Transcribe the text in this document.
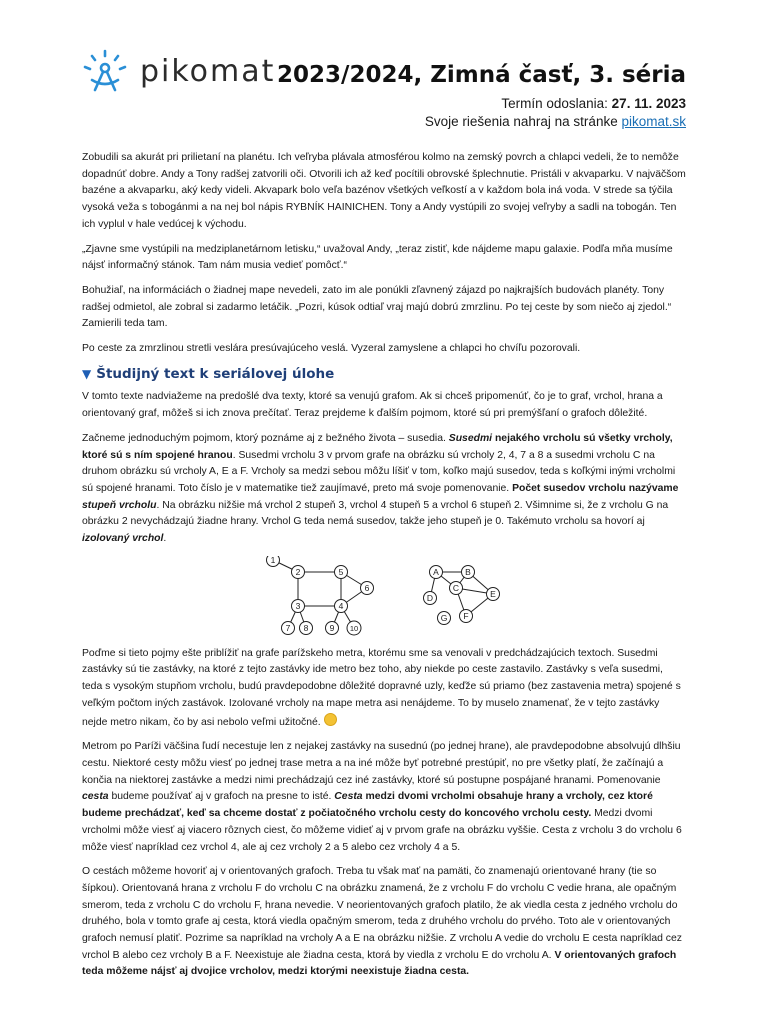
pikomat 2023/2024, Zimná časť, 3. séria
Termín odoslania: 27. 11. 2023
Svoje riešenia nahraj na stránke pikomat.sk

Zobudili sa akurát pri prilietaní na planétu. Ich veľryba plávala atmosférou kolmo na zemský povrch a chlapci vedeli, že to nemôže dopadnúť dobre. Andy a Tony radšej zatvorili oči. Otvorili ich až keď pocítili obrovské šplechnutie. Pristáli v akvaparku. V najväčšom bazéne a akvaparku, aký kedy videli. Akvapark bolo veľa bazénov všetkých veľkostí a v každom bola iná voda. V strede sa týčila vysoká veža s tobogánmi a na nej bol nápis RYBNÍK HAINICHEN. Tony a Andy vystúpili zo svojej veľryby a sadli na tobogán. Ten ich vyplul v hale vedúcej k východu.

„Zjavne sme vystúpili na medziplanetárnom letisku,“ uvažoval Andy, „teraz zistiť, kde nájdeme mapu galaxie. Podľa mňa musíme nájsť informačný stánok. Tam nám musia vedieť pomôcť.“

Bohužiaľ, na informáciách o žiadnej mape nevedeli, zato im ale ponúkli zľavnený zájazd po najkrajších budovách planéty. Tony radšej odmietol, ale zobral si zadarmo letáčik. „Pozri, kúsok odtiaľ vraj majú dobrú zmrzlinu. Po tej ceste by som niečo aj zjedol.“ Zamierili teda tam.

Po ceste za zmrzlinou stretli veslára presúvajúceho veslá. Vyzeral zamyslene a chlapci ho chvíľu pozorovali.

▼ Študijný text k seriálovej úlohe

V tomto texte nadviažeme na predošlé dva texty, ktoré sa venujú grafom. Ak si chceš pripomenúť, čo je to graf, vrchol, hrana a orientovaný graf, môžeš si ich znova prečítať. Teraz prejdeme k ďalším pojmom, ktoré sú pri premýšľaní o grafoch dôležité.

Začneme jednoduchým pojmom, ktorý poznáme aj z bežného života – susedia. Susedmi nejakého vrcholu sú všetky vrcholy, ktoré sú s ním spojené hranou. Susedmi vrcholu 3 v prvom grafe na obrázku sú vrcholy 2, 4, 7 a 8 a susedmi vrcholu C na druhom obrázku sú vrcholy A, E a F. Vrcholy sa medzi sebou môžu líšiť v tom, koľko majú susedov, teda s koľkými inými vrcholmi sú spojené hranami. Toto číslo je v matematike tiež zaujímavé, preto má svoje pomenovanie. Počet susedov vrcholu nazývame stupeň vrcholu. Na obrázku nižšie má vrchol 2 stupeň 3, vrchol 4 stupeň 5 a vrchol 6 stupeň 2. Všimnime si, že z vrcholu G na obrázku 2 nevychádzajú žiadne hrany. Vrchol G teda nemá susedov, takže jeho stupeň je 0. Takémuto vrcholu sa hovorí aj izolovaný vrchol.

1
2	5
6
3	4
7 8	9 10
A	B
C
D	E
G F

Poďme si tieto pojmy ešte priblížiť na grafe parížskeho metra, ktorému sme sa venovali v predchádzajúcich textoch. Susedmi zastávky sú tie zastávky, na ktoré z tejto zastávky ide metro bez toho, aby niekde po ceste zastavilo. Zastávky s veľa susedmi, teda s vysokým stupňom vrcholu, budú pravdepodobne dôležité dopravné uzly, keďže sú priamo (bez zastavenia metra) spojené s veľkým počtom iných zastávok. Izolované vrcholy na mape metra asi nenájdeme. To by muselo znamenať, že v tejto zastávky nejde metro nikam, čo by asi nebolo veľmi užitočné.

Metrom po Paríži väčšina ľudí necestuje len z nejakej zastávky na susednú (po jednej hrane), ale pravdepodobne absolvujú dlhšiu cestu. Niektoré cesty môžu viesť po jednej trase metra a na iné môže byť potrebné prestúpiť, no pre všetky platí, že začínajú a končia na niektorej zastávke a medzi nimi prechádzajú cez iné zastávky, ktoré sú postupne pospájané hranami. Pomenovanie cesta budeme používať aj v grafoch na presne to isté. Cesta medzi dvomi vrcholmi obsahuje hrany a vrcholy, cez ktoré budeme prechádzať, keď sa chceme dostať z počiatočného vrcholu cesty do koncového vrcholu cesty. Medzi dvomi vrcholmi môže viesť aj viacero rôznych ciest, čo môžeme vidieť aj v prvom grafe na obrázku vyššie. Cesta z vrcholu 3 do vrcholu 6 môže viesť napríklad cez vrchol 4, ale aj cez vrcholy 2 a 5 alebo cez vrcholy 4 a 5.

O cestách môžeme hovoriť aj v orientovaných grafoch. Treba tu však mať na pamäti, čo znamenajú orientované hrany (tie so šípkou). Orientovaná hrana z vrcholu F do vrcholu C na obrázku znamená, že z vrcholu F do vrcholu C vedie hrana, ale opačným smerom, teda z vrcholu C do vrcholu F, hrana nevedie. V neorientovaných grafoch platilo, že ak viedla cesta z jedného vrcholu do druhého, bola v tomto grafe aj cesta, ktorá viedla opačným smerom, teda z druhého vrcholu do prvého. Toto ale v orientovaných grafoch nemusí platiť. Pozrime sa napríklad na vrcholy A a E na obrázku nižšie. Z vrcholu A vedie do vrcholu E cesta napríklad cez vrchol B alebo cez vrcholy B a F. Neexistuje ale žiadna cesta, ktorá by viedla z vrcholu E do vrcholu A. V orientovaných grafoch teda môžeme nájsť aj dvojice vrcholov, medzi ktorými neexistuje žiadna cesta.
